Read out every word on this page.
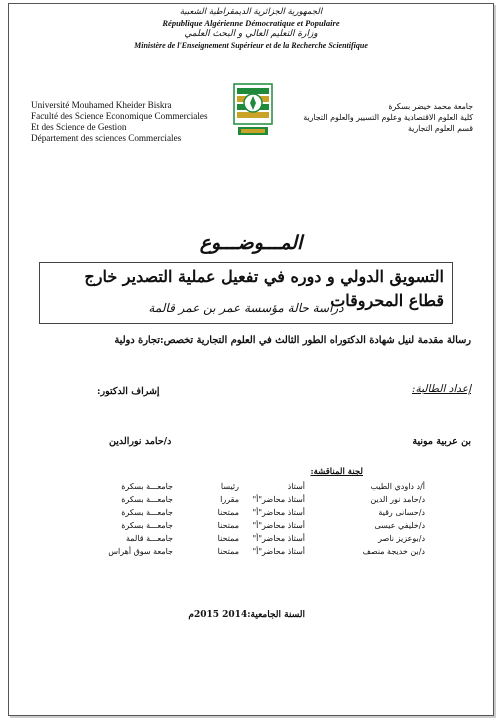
الجمهورية الجزائرية الديمقراطية الشعبية
République Algérienne Démocratique et Populaire
وزارة التعليم العالي و البحث العلمي
Ministère de l'Enseignement Supérieur et de la Recherche Scientifique
Université Mouhamed Kheider Biskra
Faculté des Science Economique Commerciales
Et des Science de Gestion
Département des sciences Commerciales
جامعة محمد خيضر بسكرة
كلية العلوم الاقتصادية وعلوم التسيير والعلوم التجارية
قسم العلوم التجارية
المـــوضـــوع
التسويق الدولي و دوره في تفعيل عملية التصدير خارج قطاع المحروقات
دراسة حالة مؤسسة عمر بن عمر قالمة
رسالة مقدمة لنيل شهادة الدكتوراه الطور الثالث في العلوم التجارية تخصص:تجارة دولية
إعداد الطالبة:
إشراف الدكتور:
بن عربية مونية
د/حامد نورالدين
لجنة المناقشة:
أ/د داودي الطيب
أستاذ
رئيسا
جامعـــة بسكرة
د/حامد نور الدين
أستاذ محاضر"أ"
مقررا
جامعـــة بسكرة
د/حسانى رقية
أستاذ محاضر"أ"
ممتحنا
جامعـــة بسكرة
د/خليفي عيسى
أستاذ محاضر"أ"
ممتحنا
جامعـــة بسكرة
د/بوعزيز ناصر
أستاذ محاضر"أ"
ممتحنا
جامعـــة قالمة
د/بن خديجة منصف
أستاذ محاضر"أ"
ممتحنا
جامعة سوق أهراس
السنة الجامعية:2014 2015م
